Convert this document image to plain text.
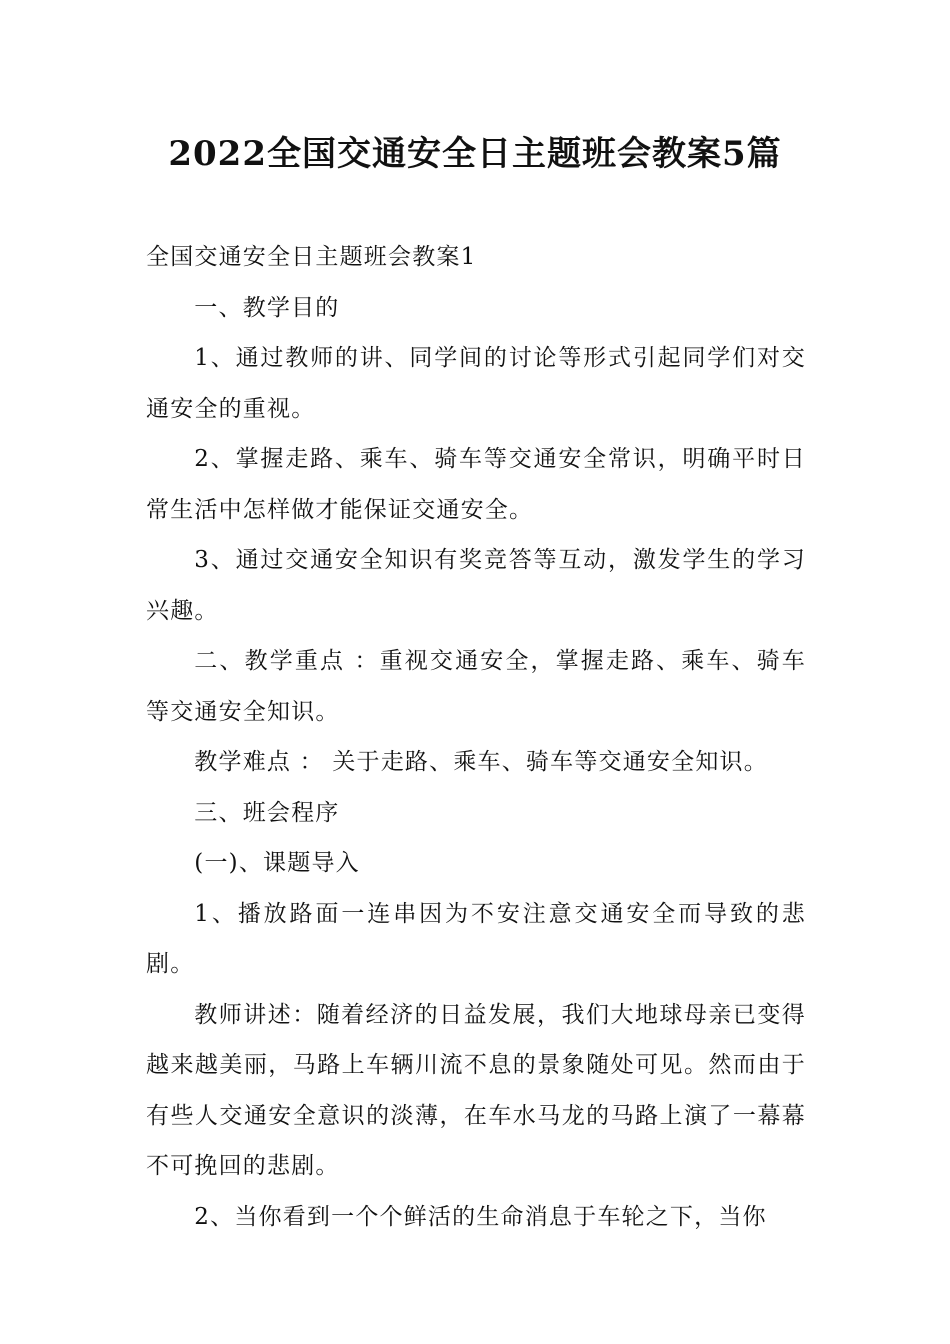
2022全国交通安全日主题班会教案5篇

全国交通安全日主题班会教案1

一、教学目的

1、通过教师的讲、同学间的讨论等形式引起同学们对交通安全的重视。

2、掌握走路、乘车、骑车等交通安全常识，明确平时日常生活中怎样做才能保证交通安全。

3、通过交通安全知识有奖竞答等互动，激发学生的学习兴趣。

二、教学重点 ：重视交通安全，掌握走路、乘车、骑车等交通安全知识。

教学难点 ： 关于走路、乘车、骑车等交通安全知识。

三、班会程序

(一)、课题导入

1、播放路面一连串因为不安注意交通安全而导致的悲剧。

教师讲述：随着经济的日益发展，我们大地球母亲已变得越来越美丽，马路上车辆川流不息的景象随处可见。然而由于有些人交通安全意识的淡薄，在车水马龙的马路上演了一幕幕不可挽回的悲剧。

2、当你看到一个个鲜活的生命消息于车轮之下，当你
